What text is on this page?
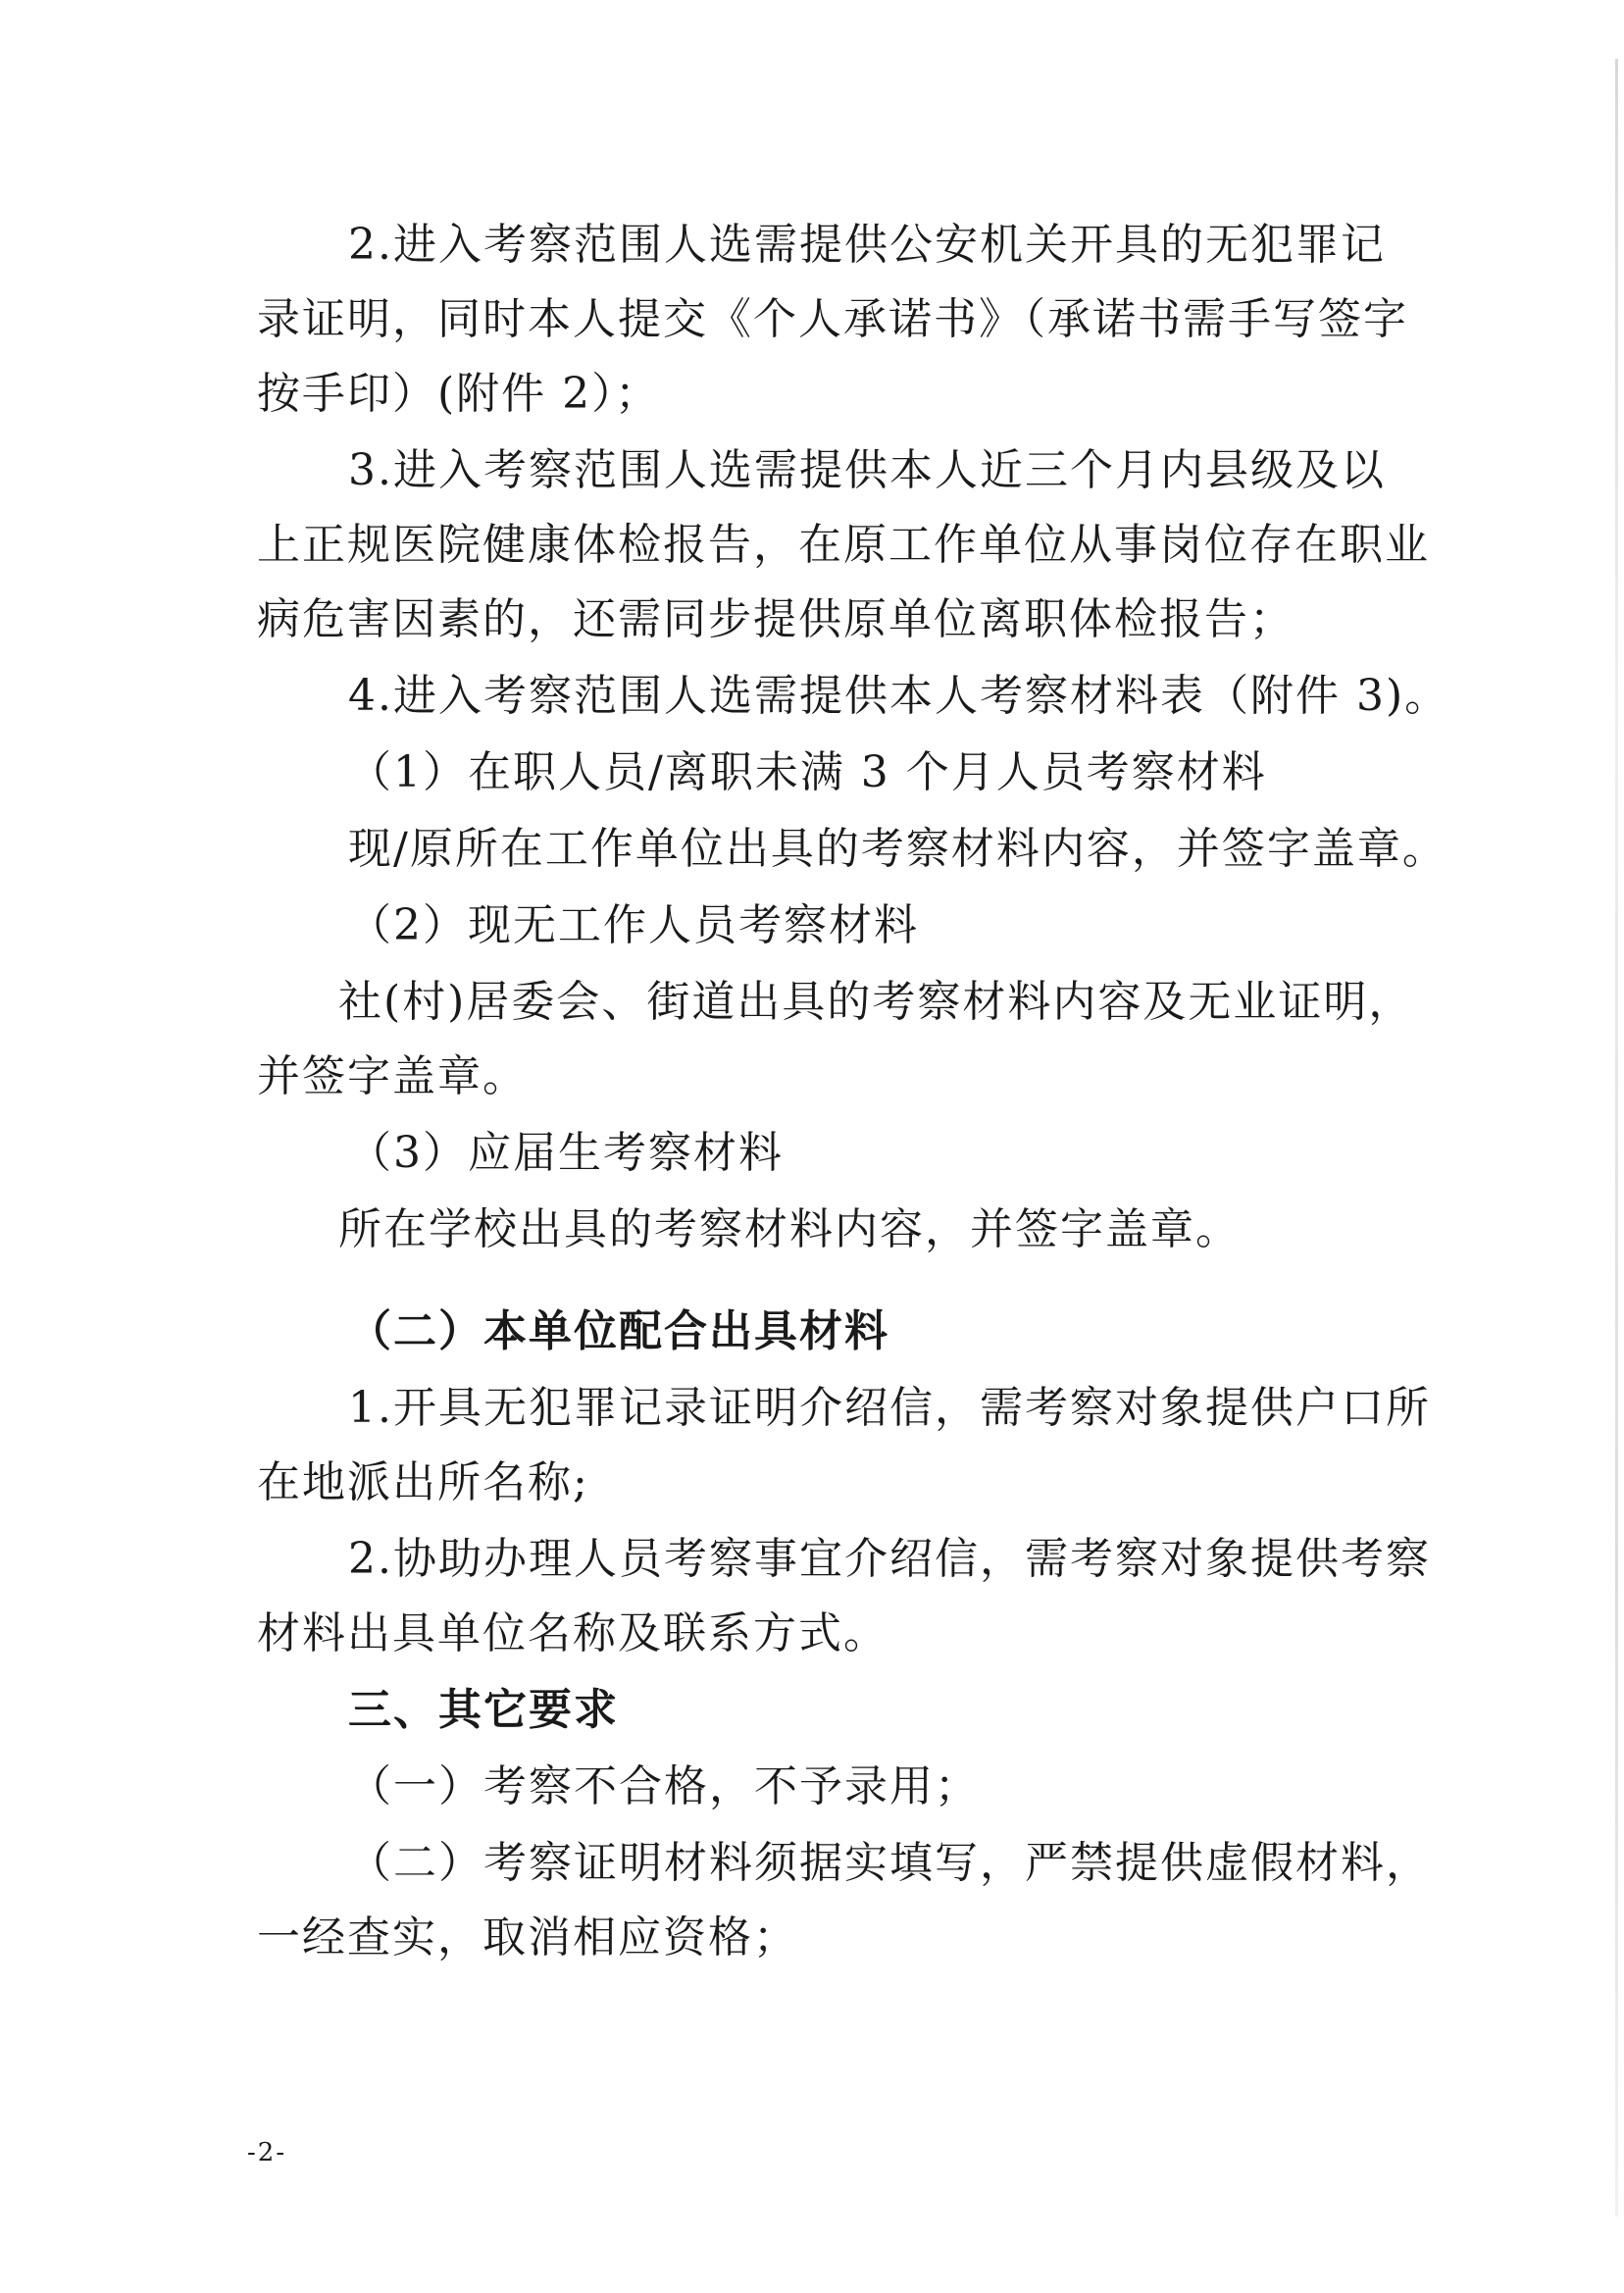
2.进入考察范围人选需提供公安机关开具的无犯罪记
录证明，同时本人提交《个人承诺书》（承诺书需手写签字
按手印）(附件 2）；
3.进入考察范围人选需提供本人近三个月内县级及以
上正规医院健康体检报告，在原工作单位从事岗位存在职业
病危害因素的，还需同步提供原单位离职体检报告；
4.进入考察范围人选需提供本人考察材料表（附件 3)。
（1）在职人员/离职未满 3 个月人员考察材料
现/原所在工作单位出具的考察材料内容，并签字盖章。
（2）现无工作人员考察材料
社(村)居委会、街道出具的考察材料内容及无业证明，
并签字盖章。
（3）应届生考察材料
所在学校出具的考察材料内容，并签字盖章。
（二）本单位配合出具材料
1.开具无犯罪记录证明介绍信，需考察对象提供户口所
在地派出所名称;
2.协助办理人员考察事宜介绍信，需考察对象提供考察
材料出具单位名称及联系方式。
三、其它要求
（一）考察不合格，不予录用；
（二）考察证明材料须据实填写，严禁提供虚假材料，
一经查实，取消相应资格；
-2-
